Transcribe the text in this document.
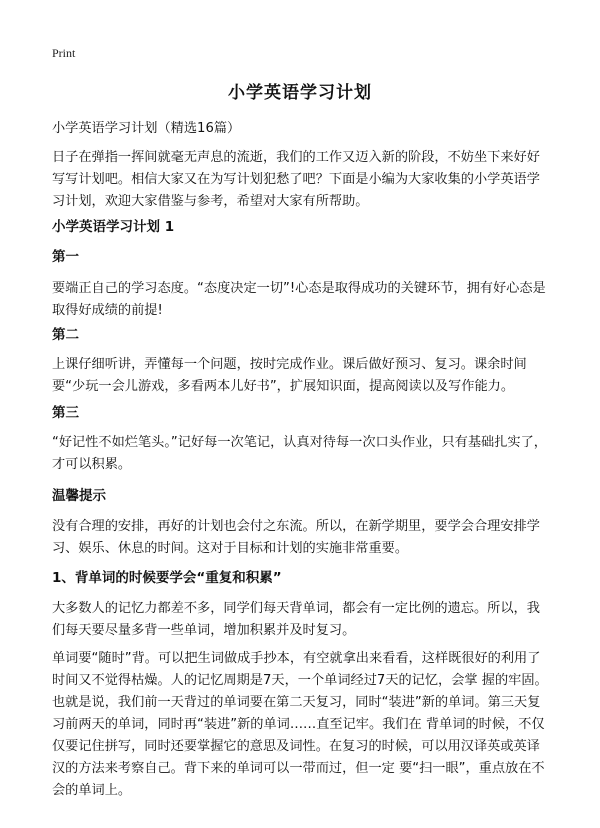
Print
小学英语学习计划
小学英语学习计划（精选16篇）
日子在弹指一挥间就毫无声息的流逝，我们的工作又迈入新的阶段，不妨坐下来好好写写计划吧。相信大家又在为写计划犯愁了吧？下面是小编为大家收集的小学英语学习计划，欢迎大家借鉴与参考，希望对大家有所帮助。
小学英语学习计划 1
第一
要端正自己的学习态度。“态度决定一切”!心态是取得成功的关键环节，拥有好心态是取得好成绩的前提!
第二
上课仔细听讲，弄懂每一个问题，按时完成作业。课后做好预习、复习。课余时间要“少玩一会儿游戏，多看两本儿好书”，扩展知识面，提高阅读以及写作能力。
第三
“好记性不如烂笔头。”记好每一次笔记，认真对待每一次口头作业，只有基础扎实了，才可以积累。
温馨提示
没有合理的安排，再好的计划也会付之东流。所以，在新学期里，要学会合理安排学习、娱乐、休息的时间。这对于目标和计划的实施非常重要。
1、背单词的时候要学会“重复和积累”
大多数人的记忆力都差不多，同学们每天背单词，都会有一定比例的遗忘。所以，我们每天要尽量多背一些单词，增加积累并及时复习。
单词要“随时”背。可以把生词做成手抄本，有空就拿出来看看，这样既很好的利用了时间又不觉得枯燥。人的记忆周期是7天，一个单词经过7天的记忆，会掌 握的牢固。也就是说，我们前一天背过的单词要在第二天复习，同时“装进”新的单词。第三天复习前两天的单词，同时再“装进”新的单词……直至记牢。我们在 背单词的时候，不仅仅要记住拼写，同时还要掌握它的意思及词性。在复习的时候，可以用汉译英或英译汉的方法来考察自己。背下来的单词可以一带而过，但一定 要“扫一眼”，重点放在不会的单词上。
